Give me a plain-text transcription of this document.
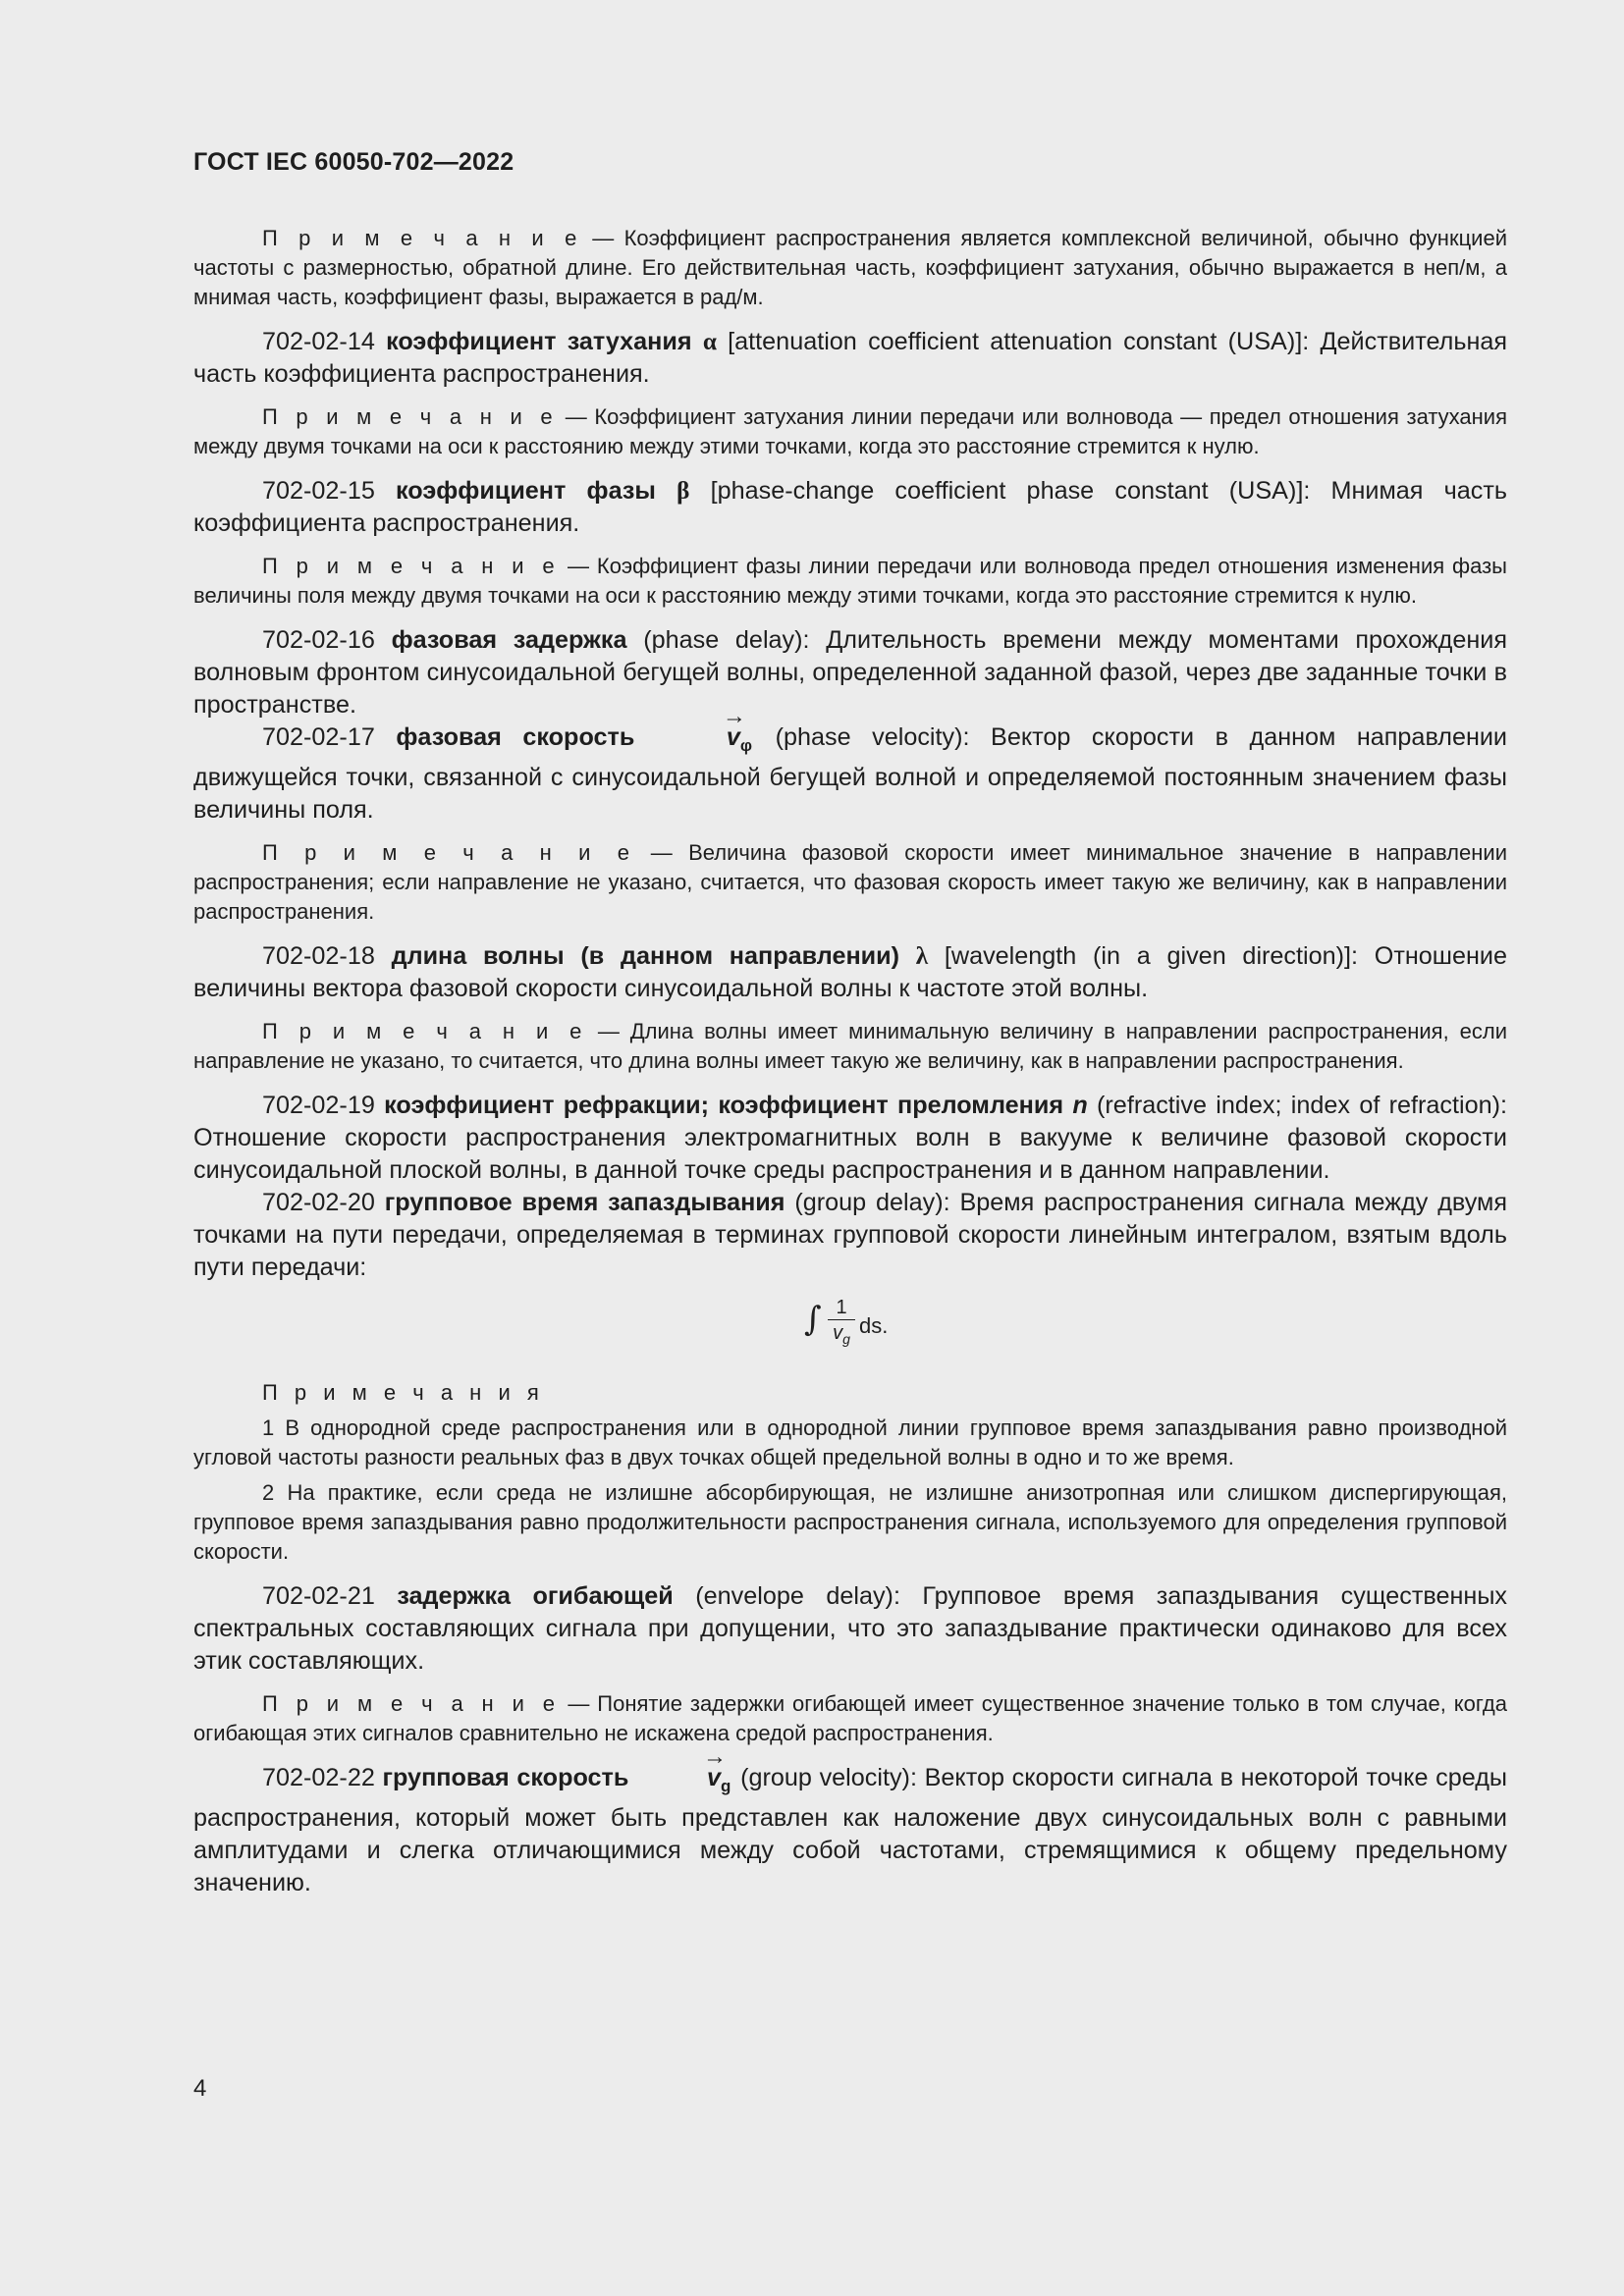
ГОСТ IEC 60050-702—2022

П р и м е ч а н и е — Коэффициент распространения является комплексной величиной, обычно функцией частоты с размерностью, обратной длине. Его действительная часть, коэффициент затухания, обычно выражается в неп/м, а мнимая часть, коэффициент фазы, выражается в рад/м.

702-02-14 коэффициент затухания α [attenuation coefficient attenuation constant (USA)]: Действительная часть коэффициента распространения.

П р и м е ч а н и е — Коэффициент затухания линии передачи или волновода — предел отношения затухания между двумя точками на оси к расстоянию между этими точками, когда это расстояние стремится к нулю.

702-02-15 коэффициент фазы β [phase-change coefficient phase constant (USA)]: Мнимая часть коэффициента распространения.

П р и м е ч а н и е — Коэффициент фазы линии передачи или волновода предел отношения изменения фазы величины поля между двумя точками на оси к расстоянию между этими точками, когда это расстояние стремится к нулю.

702-02-16 фазовая задержка (phase delay): Длительность времени между моментами прохождения волновым фронтом синусоидальной бегущей волны, определенной заданной фазой, через две заданные точки в пространстве.

702-02-17 фазовая скорость
→
$v_\varphi$ (phase velocity): Вектор скорости в данном направлении движущейся точки, связанной с синусоидальной бегущей волной и определяемой постоянным значением фазы величины поля.

П р и м е ч а н и е — Величина фазовой скорости имеет минимальное значение в направлении распространения; если направление не указано, считается, что фазовая скорость имеет такую же величину, как в направлении распространения.

702-02-18 длина волны (в данном направлении) λ [wavelength (in a given direction)]: Отношение величины вектора фазовой скорости синусоидальной волны к частоте этой волны.

П р и м е ч а н и е — Длина волны имеет минимальную величину в направлении распространения, если направление не указано, то считается, что длина волны имеет такую же величину, как в направлении распространения.

702-02-19 коэффициент рефракции; коэффициент преломления n (refractive index; index of refraction): Отношение скорости распространения электромагнитных волн в вакууме к величине фазовой скорости синусоидальной плоской волны, в данной точке среды распространения и в данном направлении.

702-02-20 групповое время запаздывания (group delay): Время распространения сигнала между двумя точками на пути передачи, определяемая в терминах групповой скорости линейным интегралом, взятым вдоль пути передачи:

∫ $\frac{1}{v_g}$ ds.

П р и м е ч а н и я

1 В однородной среде распространения или в однородной линии групповое время запаздывания равно производной угловой частоты разности реальных фаз в двух точках общей предельной волны в одно и то же время.

2 На практике, если среда не излишне абсорбирующая, не излишне анизотропная или слишком диспергирующая, групповое время запаздывания равно продолжительности распространения сигнала, используемого для определения групповой скорости.

702-02-21 задержка огибающей (envelope delay): Групповое время запаздывания существенных спектральных составляющих сигнала при допущении, что это запаздывание практически одинаково для всех этик составляющих.

П р и м е ч а н и е — Понятие задержки огибающей имеет существенное значение только в том случае, когда огибающая этих сигналов сравнительно не искажена средой распространения.

702-02-22 групповая скорость
→
$v_g$ (group velocity): Вектор скорости сигнала в некоторой точке среды распространения, который может быть представлен как наложение двух синусоидальных волн с равными амплитудами и слегка отличающимися между собой частотами, стремящимися к общему предельному значению.

4
